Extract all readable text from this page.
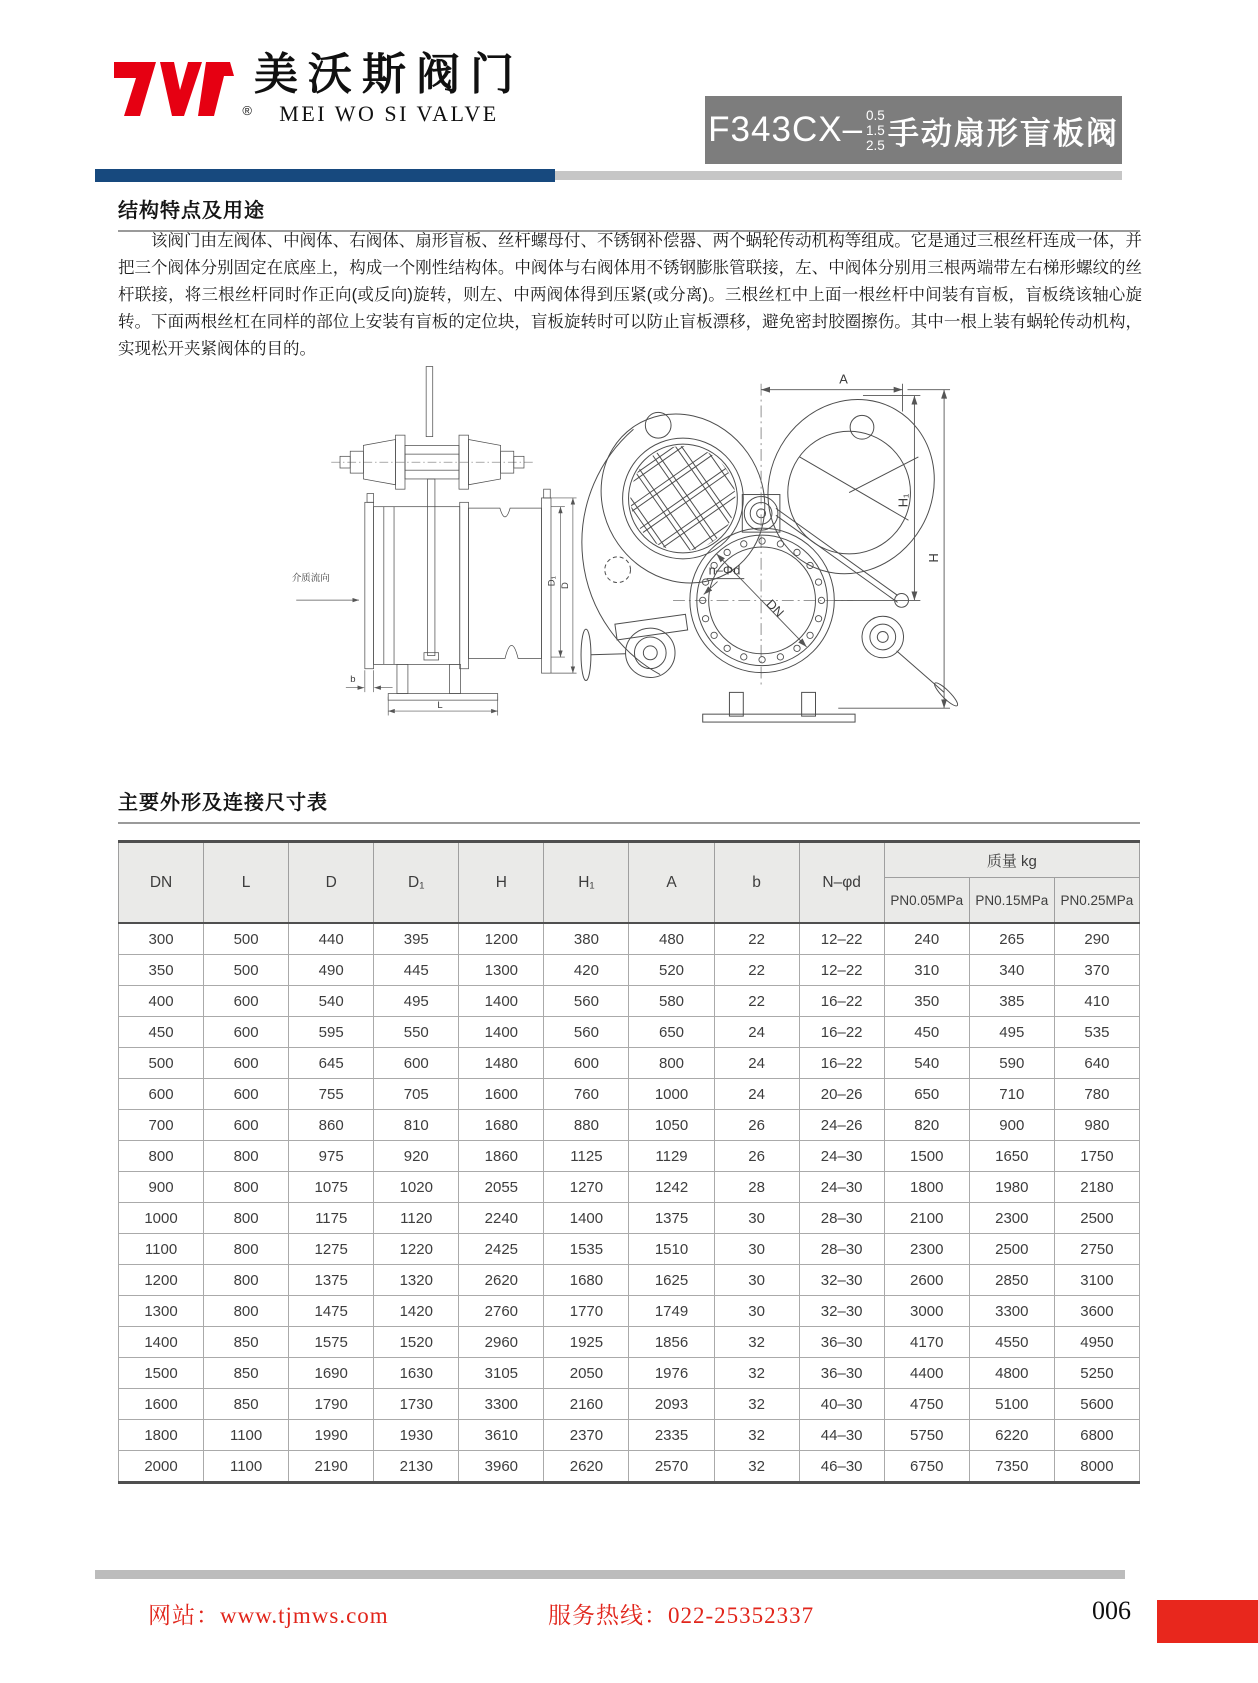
®
美沃斯阀门
MEI WO SI VALVE	F343CX– 0.5
1.5
2.5 手动扇形盲板阀
结构特点及用途

该阀门由左阀体、中阀体、右阀体、扇形盲板、丝杆螺母付、不锈钢补偿器、两个蜗轮传动机构等组成。它是通过三根丝杆连成一体，并把三个阀体分别固定在底座上，构成一个刚性结构体。中阀体与右阀体用不锈钢膨胀管联接，左、中阀体分别用三根两端带左右梯形螺纹的丝杆联接，将三根丝杆同时作正向(或反向)旋转，则左、中两阀体得到压紧(或分离)。三根丝杠中上面一根丝杆中间装有盲板，盲板绕该轴心旋转。下面两根丝杠在同样的部位上安装有盲板的定位块，盲板旋转时可以防止盲板漂移，避免密封胶圈擦伤。其中一根上装有蜗轮传动机构，实现松开夹紧阀体的目的。

介质流向	D₁ D
b
L
DN
n–Φd
A
H₁
H
主要外形及连接尺寸表
DN	L	D	D₁	H	H₁	A	b	N–φd	质量 kg		
									PN0.05MPa	PN0.15MPa	PN0.25MPa
300	500	440	395	1200	380	480	22	12–22	240	265	290
350	500	490	445	1300	420	520	22	12–22	310	340	370
400	600	540	495	1400	560	580	22	16–22	350	385	410
450	600	595	550	1400	560	650	24	16–22	450	495	535
500	600	645	600	1480	600	800	24	16–22	540	590	640
600	600	755	705	1600	760	1000	24	20–26	650	710	780
700	600	860	810	1680	880	1050	26	24–26	820	900	980
800	800	975	920	1860	1125	1129	26	24–30	1500	1650	1750
900	800	1075	1020	2055	1270	1242	28	24–30	1800	1980	2180
1000	800	1175	1120	2240	1400	1375	30	28–30	2100	2300	2500
1100	800	1275	1220	2425	1535	1510	30	28–30	2300	2500	2750
1200	800	1375	1320	2620	1680	1625	30	32–30	2600	2850	3100
1300	800	1475	1420	2760	1770	1749	30	32–30	3000	3300	3600
1400	850	1575	1520	2960	1925	1856	32	36–30	4170	4550	4950
1500	850	1690	1630	3105	2050	1976	32	36–30	4400	4800	5250
1600	850	1790	1730	3300	2160	2093	32	40–30	4750	5100	5600
1800	1100	1990	1930	3610	2370	2335	32	44–30	5750	6220	6800
2000	1100	2190	2130	3960	2620	2570	32	46–30	6750	7350	8000
网站：www.tjmws.com	服务热线：022-25352337	006
